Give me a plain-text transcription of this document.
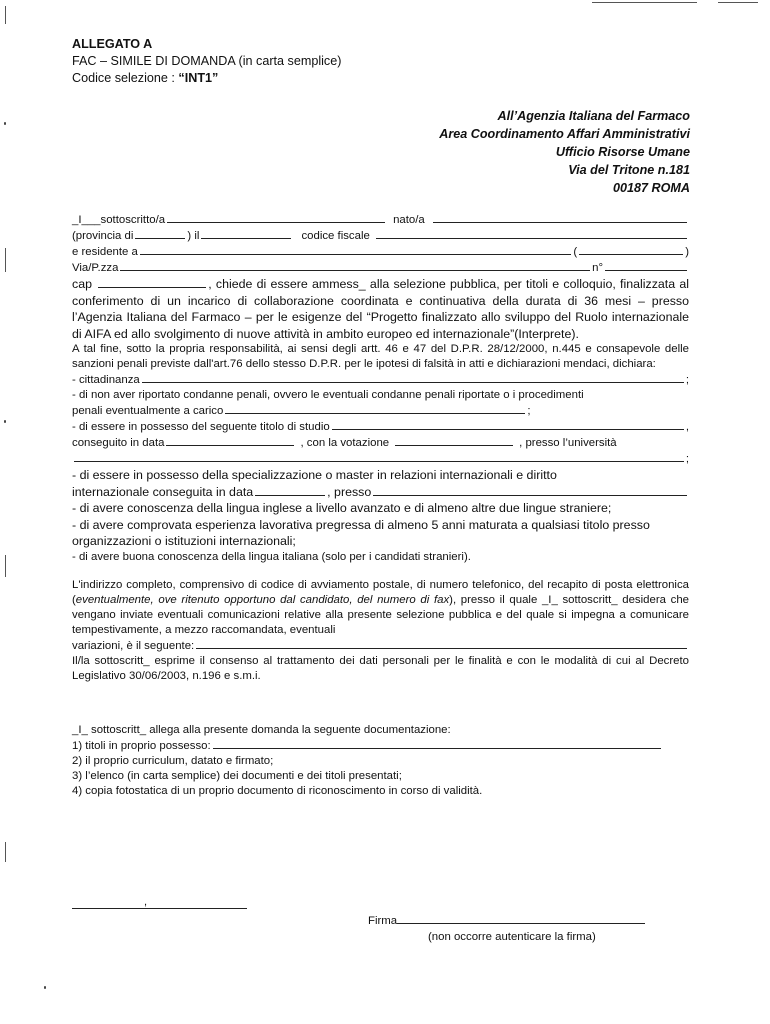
ALLEGATO A
FAC – SIMILE DI DOMANDA (in carta semplice)
Codice selezione : “INT1”
All’Agenzia Italiana del Farmaco
Area Coordinamento Affari Amministrativi
Ufficio Risorse Umane
Via del Tritone n.181
00187 ROMA
_I___sottoscritto/a	nato/a
(provincia di	) il	codice fiscale
e residente a	(	)
Via/P.zza	n°
cap	, chiede di essere ammess_ alla selezione pubblica, per titoli e colloquio, finalizzata al conferimento di un incarico di collaborazione coordinata e continuativa della durata di 36 mesi – presso l’Agenzia Italiana del Farmaco – per le esigenze del “Progetto finalizzato allo sviluppo del Ruolo internazionale di AIFA ed allo svolgimento di nuove attività in ambito europeo ed internazionale”(Interprete).
A tal fine, sotto la propria responsabilità, ai sensi degli artt. 46 e 47 del D.P.R. 28/12/2000, n.445 e consapevole delle sanzioni penali previste dall'art.76 dello stesso D.P.R. per le ipotesi di falsità in atti e dichiarazioni mendaci, dichiara:
- cittadinanza	;
- di non aver riportato condanne penali, ovvero le eventuali condanne penali riportate o i procedimenti
penali eventualmente a carico	;
- di essere in possesso del seguente titolo di studio	,
conseguito in data	, con la votazione	, presso l’università
;
- di essere in possesso della specializzazione o master in relazioni internazionali e diritto
internazionale conseguita in data	, presso
- di avere conoscenza della lingua inglese a livello avanzato e di almeno altre due lingue straniere;
- di avere comprovata esperienza lavorativa pregressa di almeno 5 anni maturata a qualsiasi titolo presso organizzazioni o istituzioni internazionali;
- di avere buona conoscenza della lingua italiana (solo per i candidati stranieri).
L'indirizzo completo, comprensivo di codice di avviamento postale, di numero telefonico, del recapito di posta elettronica (eventualmente, ove ritenuto opportuno dal candidato, del numero di fax), presso il quale _I_ sottoscritt_ desidera che vengano inviate eventuali comunicazioni relative alla presente selezione pubblica e del quale si impegna a comunicare tempestivamente, a mezzo raccomandata, eventuali
variazioni, è il seguente:
Il/la sottoscritt_ esprime il consenso al trattamento dei dati personali per le finalità e con le modalità di cui al Decreto Legislativo 30/06/2003, n.196 e s.m.i.
_I_ sottoscritt_ allega alla presente domanda la seguente documentazione:
1) titoli in proprio possesso:
2) il proprio curriculum, datato e firmato;
3) l’elenco (in carta semplice) dei documenti e dei titoli presentati;
4) copia fotostatica di un proprio documento di riconoscimento in corso di validità.
,
Firma
(non occorre autenticare la firma)
